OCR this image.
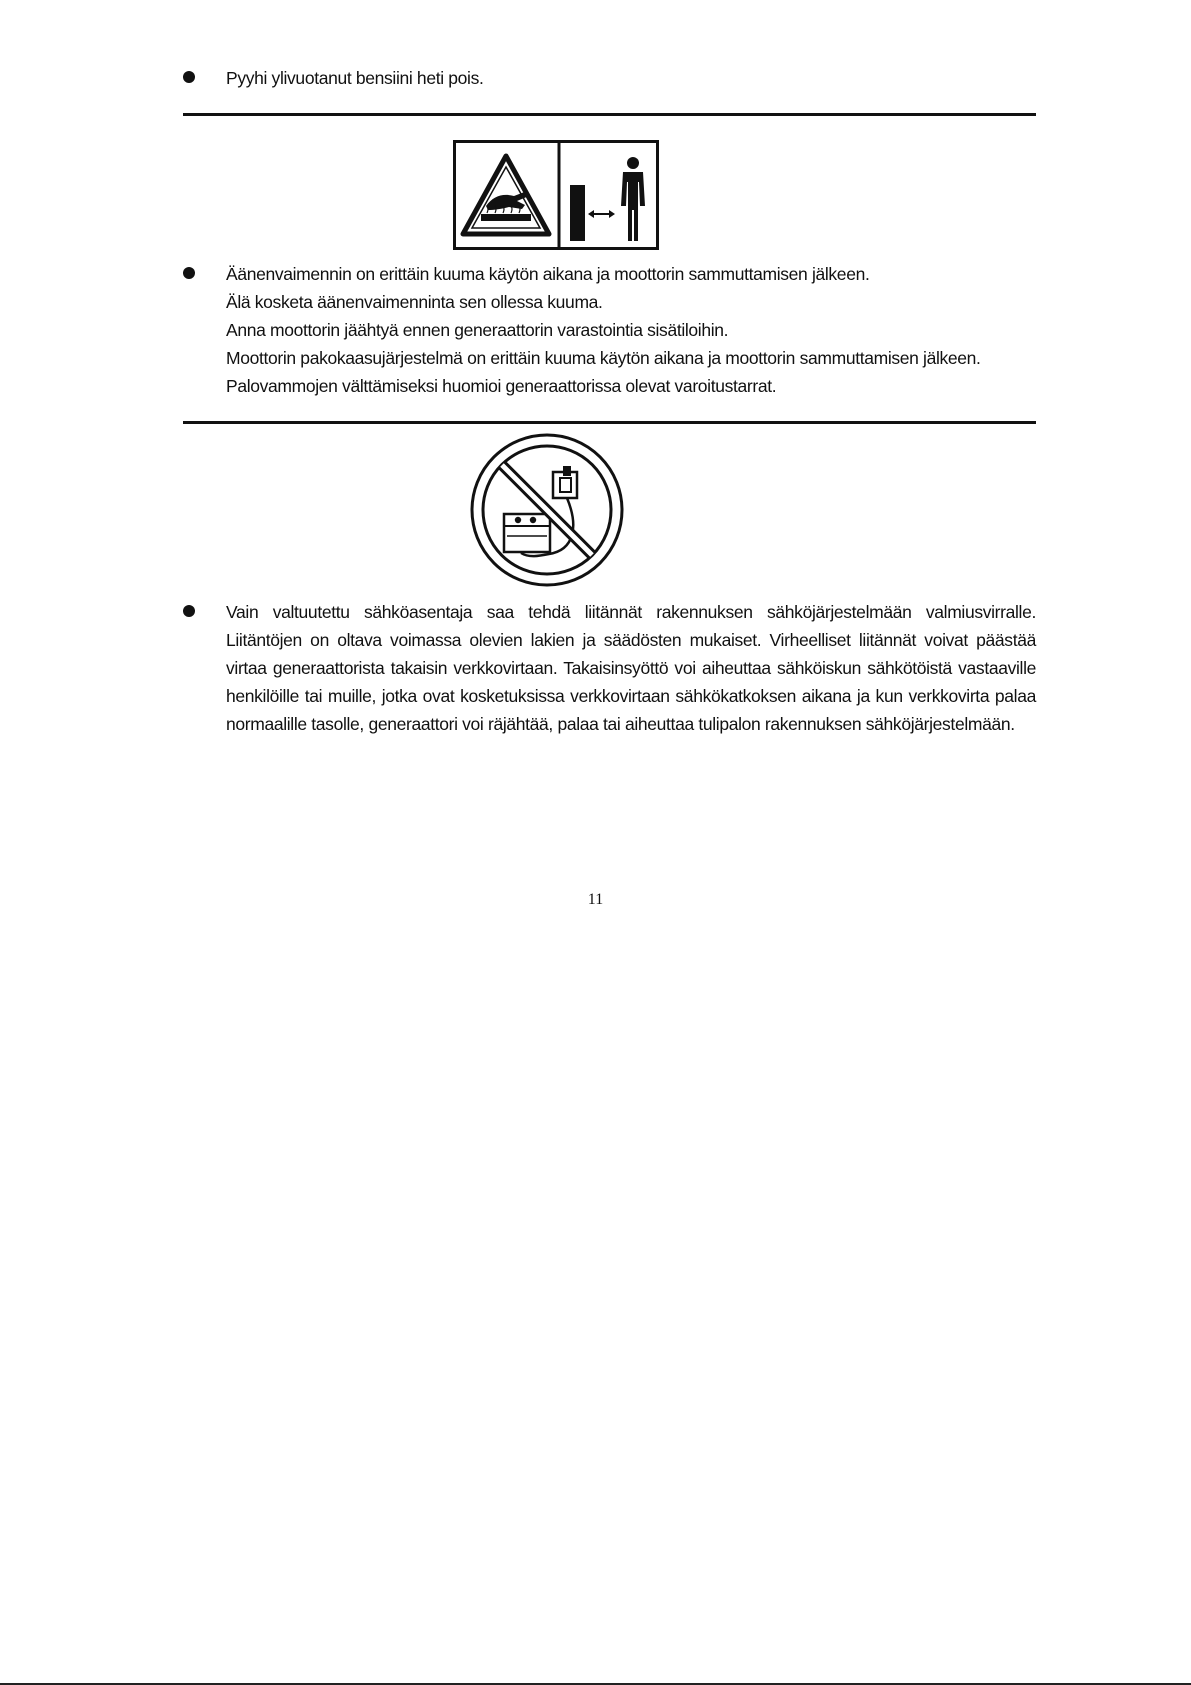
Pyyhi ylivuotanut bensiini heti pois.

Äänenvaimennin on erittäin kuuma käytön aikana ja moottorin sammuttamisen jälkeen.

Älä kosketa äänenvaimenninta sen ollessa kuuma.

Anna moottorin jäähtyä ennen generaattorin varastointia sisätiloihin.

Moottorin pakokaasujärjestelmä on erittäin kuuma käytön aikana ja moottorin sammuttamisen jälkeen.

Palovammojen välttämiseksi huomioi generaattorissa olevat varoitustarrat.

Vain valtuutettu sähköasentaja saa tehdä liitännät rakennuksen sähköjärjestelmään valmiusvirralle. Liitäntöjen on oltava voimassa olevien lakien ja säädösten mukaiset. Virheelliset liitännät voivat päästää virtaa generaattorista takaisin verkkovirtaan. Takaisinsyöttö voi aiheuttaa sähköiskun sähkötöistä vastaaville henkilöille tai muille, jotka ovat kosketuksissa verkkovirtaan sähkökatkoksen aikana ja kun verkkovirta palaa normaalille tasolle, generaattori voi räjähtää, palaa tai aiheuttaa tulipalon rakennuksen sähköjärjestelmään.

11
